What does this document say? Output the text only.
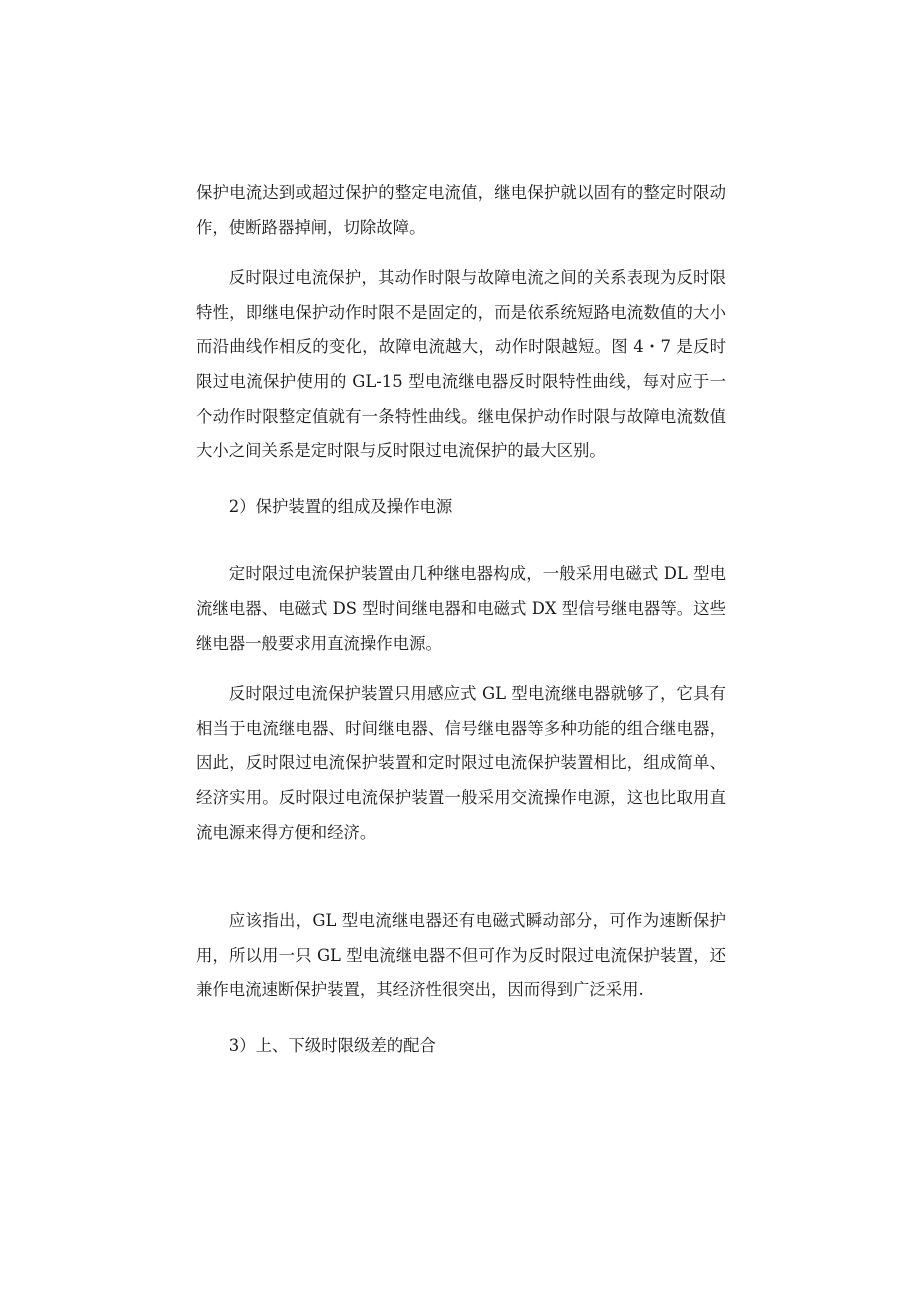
保护电流达到或超过保护的整定电流值，继电保护就以固有的整定时限动作，使断路器掉闸，切除故障。

反时限过电流保护，其动作时限与故障电流之间的关系表现为反时限特性，即继电保护动作时限不是固定的，而是依系统短路电流数值的大小而沿曲线作相反的变化，故障电流越大，动作时限越短。图 4・7 是反时限过电流保护使用的 GL-15 型电流继电器反时限特性曲线，每对应于一个动作时限整定值就有一条特性曲线。继电保护动作时限与故障电流数值大小之间关系是定时限与反时限过电流保护的最大区别。

2）保护装置的组成及操作电源

定时限过电流保护装置由几种继电器构成，一般采用电磁式 DL 型电流继电器、电磁式 DS 型时间继电器和电磁式 DX 型信号继电器等。这些继电器一般要求用直流操作电源。

反时限过电流保护装置只用感应式 GL 型电流继电器就够了，它具有相当于电流继电器、时间继电器、信号继电器等多种功能的组合继电器，因此，反时限过电流保护装置和定时限过电流保护装置相比，组成简单、经济实用。反时限过电流保护装置一般采用交流操作电源，这也比取用直流电源来得方便和经济。

应该指出，GL 型电流继电器还有电磁式瞬动部分，可作为速断保护用，所以用一只 GL 型电流继电器不但可作为反时限过电流保护装置，还兼作电流速断保护装置，其经济性很突出，因而得到广泛采用.

3）上、下级时限级差的配合
